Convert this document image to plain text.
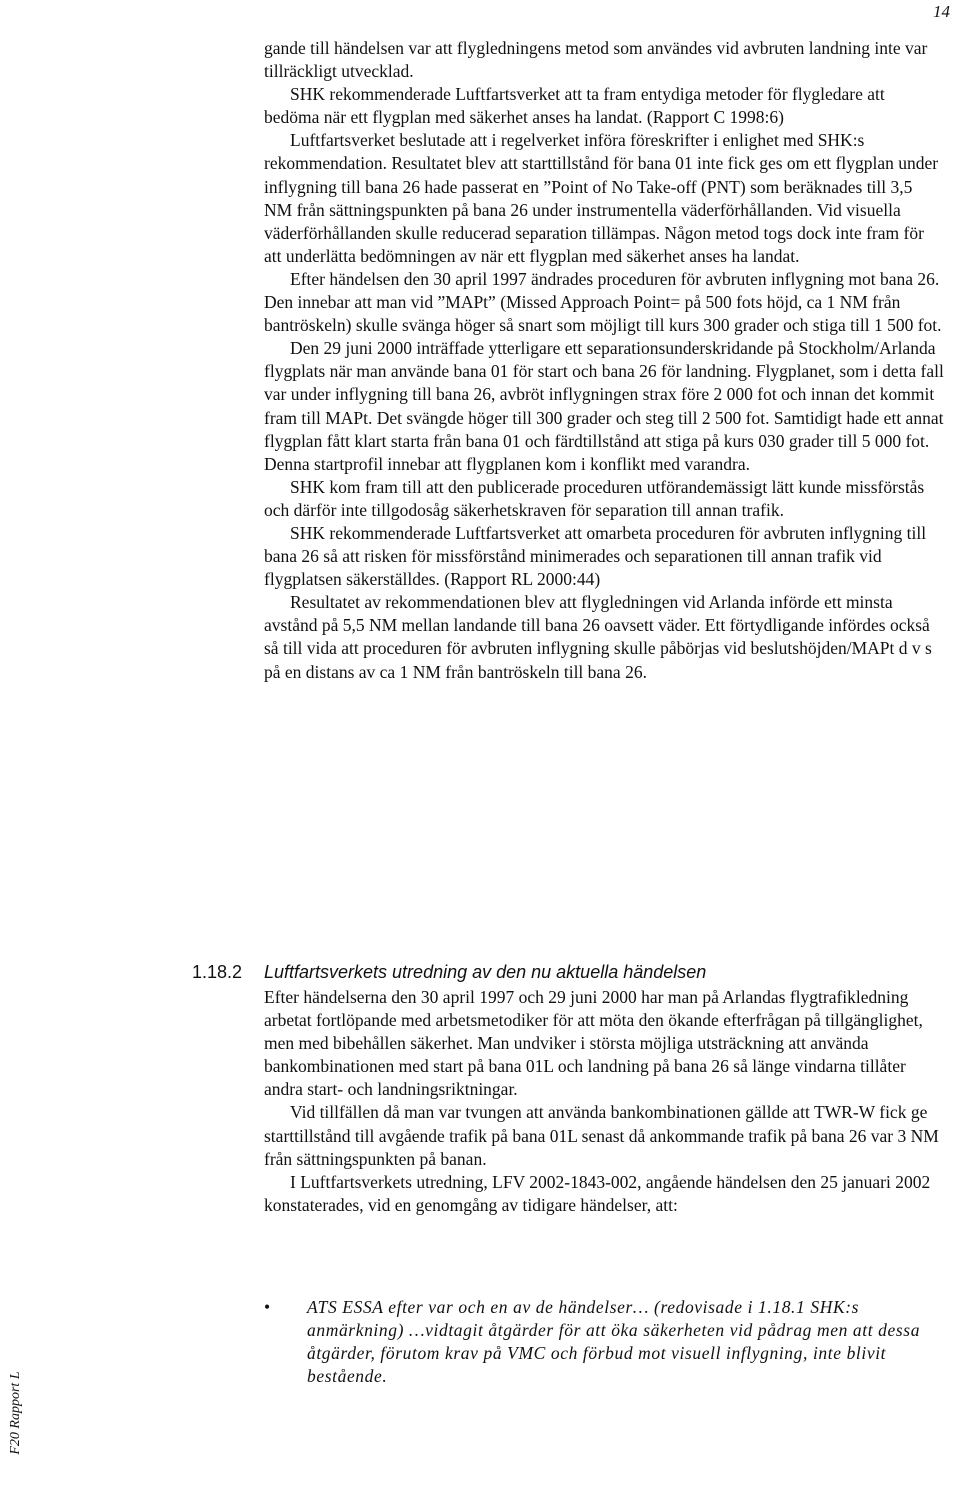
14

gande till händelsen var att flygledningens metod som användes vid avbruten landning inte var tillräckligt utvecklad.

SHK rekommenderade Luftfartsverket att ta fram entydiga metoder för flygledare att bedöma när ett flygplan med säkerhet anses ha landat. (Rapport C 1998:6)

Luftfartsverket beslutade att i regelverket införa föreskrifter i enlighet med SHK:s rekommendation. Resultatet blev att starttillstånd för bana 01 inte fick ges om ett flygplan under inflygning till bana 26 hade passerat en ”Point of No Take-off (PNT) som beräknades till 3,5 NM från sättningspunkten på bana 26 under instrumentella väderförhållanden. Vid visuella väderförhållanden skulle reducerad separation tillämpas. Någon metod togs dock inte fram för att underlätta bedömningen av när ett flygplan med säkerhet anses ha landat.

Efter händelsen den 30 april 1997 ändrades proceduren för avbruten inflygning mot bana 26. Den innebar att man vid ”MAPt” (Missed Approach Point= på 500 fots höjd, ca 1 NM från bantröskeln) skulle svänga höger så snart som möjligt till kurs 300 grader och stiga till 1 500 fot.

Den 29 juni 2000 inträffade ytterligare ett separationsunderskridande på Stockholm/Arlanda flygplats när man använde bana 01 för start och bana 26 för landning. Flygplanet, som i detta fall var under inflygning till bana 26, avbröt inflygningen strax före 2 000 fot och innan det kommit fram till MAPt. Det svängde höger till 300 grader och steg till 2 500 fot. Samtidigt hade ett annat flygplan fått klart starta från bana 01 och färdtillstånd att stiga på kurs 030 grader till 5 000 fot. Denna startprofil innebar att flygplanen kom i konflikt med varandra.

SHK kom fram till att den publicerade proceduren utförandemässigt lätt kunde missförstås och därför inte tillgodosåg säkerhetskraven för separation till annan trafik.

SHK rekommenderade Luftfartsverket att omarbeta proceduren för avbruten inflygning till bana 26 så att risken för missförstånd minimerades och separationen till annan trafik vid flygplatsen säkerställdes. (Rapport RL 2000:44)

Resultatet av rekommendationen blev att flygledningen vid Arlanda införde ett minsta avstånd på 5,5 NM mellan landande till bana 26 oavsett väder. Ett förtydligande infördes också så till vida att proceduren för avbruten inflygning skulle påbörjas vid beslutshöjden/MAPt d v s på en distans av ca 1 NM från bantröskeln till bana 26.

1.18.2 Luftfartsverkets utredning av den nu aktuella händelsen

Efter händelserna den 30 april 1997 och 29 juni 2000 har man på Arlandas flygtrafikledning arbetat fortlöpande med arbetsmetodiker för att möta den ökande efterfrågan på tillgänglighet, men med bibehållen säkerhet. Man undviker i största möjliga utsträckning att använda bankombinationen med start på bana 01L och landning på bana 26 så länge vindarna tillåter andra start- och landningsriktningar.

Vid tillfällen då man var tvungen att använda bankombinationen gällde att TWR-W fick ge starttillstånd till avgående trafik på bana 01L senast då ankommande trafik på bana 26 var 3 NM från sättningspunkten på banan.

I Luftfartsverkets utredning, LFV 2002-1843-002, angående händelsen den 25 januari 2002 konstaterades, vid en genomgång av tidigare händelser, att:

• ATS ESSA efter var och en av de händelser… (redovisade i 1.18.1 SHK:s anmärkning) …vidtagit åtgärder för att öka säkerheten vid pådrag men att dessa åtgärder, förutom krav på VMC och förbud mot visuell inflygning, inte blivit bestående.
F20 Rapport L
